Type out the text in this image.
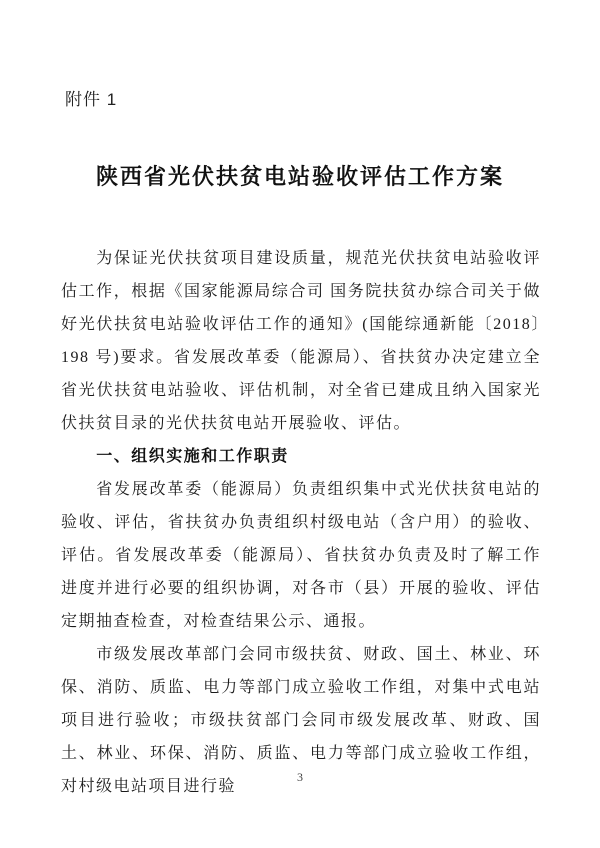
附件 1
陕西省光伏扶贫电站验收评估工作方案

为保证光伏扶贫项目建设质量，规范光伏扶贫电站验收评估工作，根据《国家能源局综合司 国务院扶贫办综合司关于做好光伏扶贫电站验收评估工作的通知》(国能综通新能〔2018〕198 号)要求。省发展改革委（能源局）、省扶贫办决定建立全省光伏扶贫电站验收、评估机制，对全省已建成且纳入国家光伏扶贫目录的光伏扶贫电站开展验收、评估。

一、组织实施和工作职责

省发展改革委（能源局）负责组织集中式光伏扶贫电站的验收、评估，省扶贫办负责组织村级电站（含户用）的验收、评估。省发展改革委（能源局）、省扶贫办负责及时了解工作进度并进行必要的组织协调，对各市（县）开展的验收、评估定期抽查检查，对检查结果公示、通报。

市级发展改革部门会同市级扶贫、财政、国土、林业、环保、消防、质监、电力等部门成立验收工作组，对集中式电站项目进行验收；市级扶贫部门会同市级发展改革、财政、国土、林业、环保、消防、质监、电力等部门成立验收工作组，对村级电站项目进行验

3
